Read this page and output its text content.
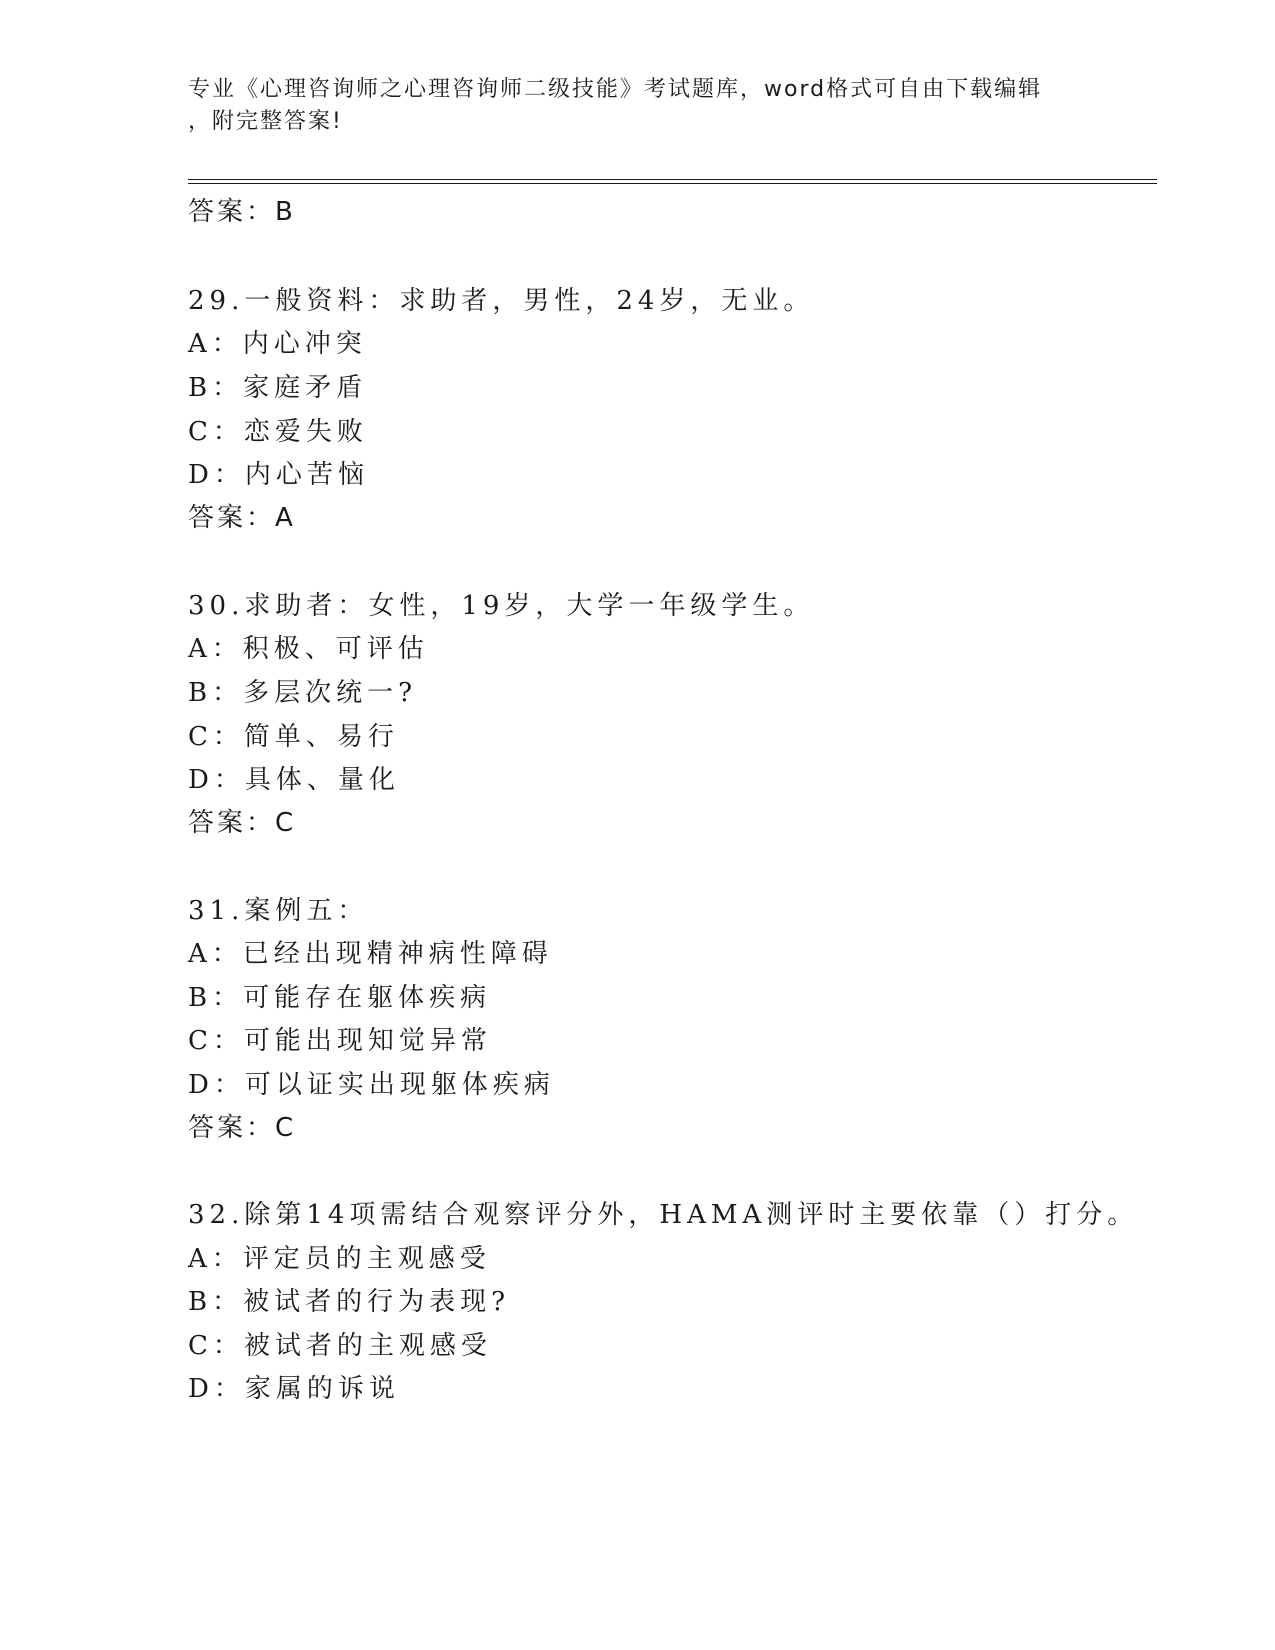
专业《心理咨询师之心理咨询师二级技能》考试题库，word格式可自由下载编辑
，附完整答案!
答案：B
29.一般资料：求助者，男性，24岁，无业。
A：内心冲突
B：家庭矛盾
C：恋爱失败
D：内心苦恼
答案：A
30.求助者：女性，19岁，大学一年级学生。
A：积极、可评估
B：多层次统一?
C：简单、易行
D：具体、量化
答案：C
31.案例五：
A：已经出现精神病性障碍
B：可能存在躯体疾病
C：可能出现知觉异常
D：可以证实出现躯体疾病
答案：C
32.除第14项需结合观察评分外，HAMA测评时主要依靠（）打分。
A：评定员的主观感受
B：被试者的行为表现?
C：被试者的主观感受
D：家属的诉说
